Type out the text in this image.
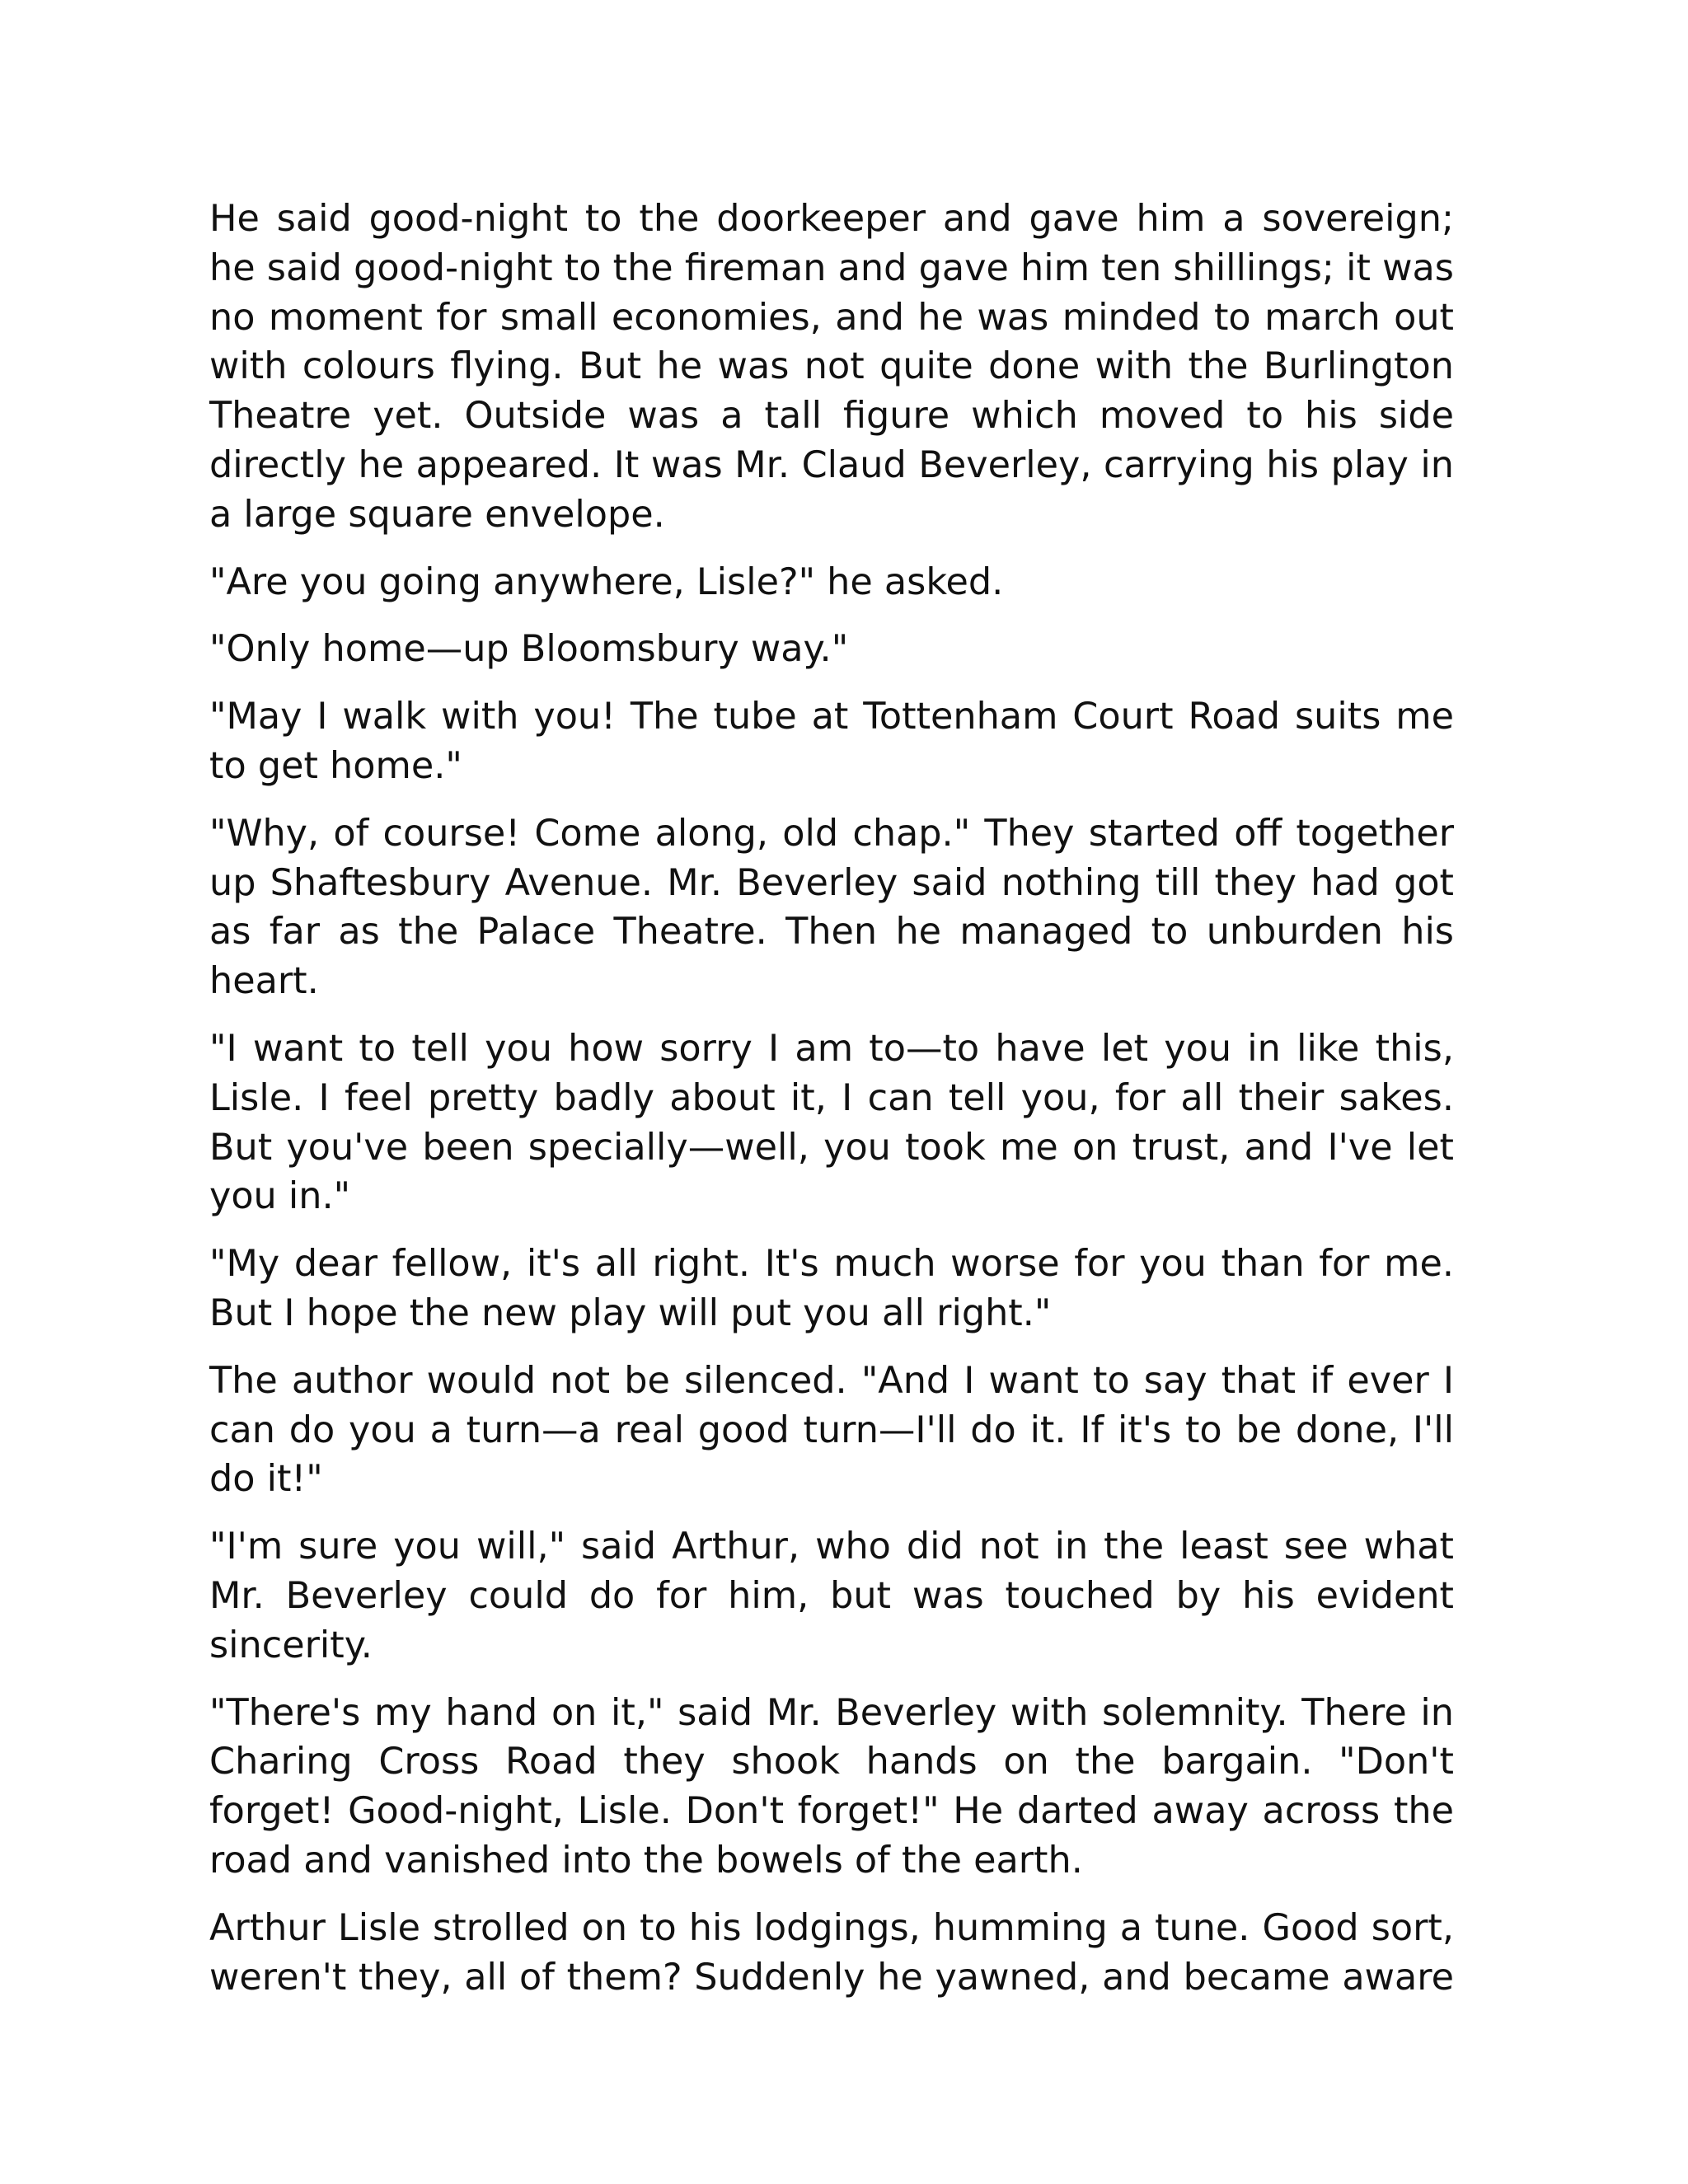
He said good-night to the doorkeeper and gave him a sovereign; he said good-night to the fireman and gave him ten shillings; it was no moment for small economies, and he was minded to march out with colours flying. But he was not quite done with the Burlington Theatre yet. Outside was a tall figure which moved to his side directly he appeared. It was Mr. Claud Beverley, carrying his play in a large square envelope.

"Are you going anywhere, Lisle?" he asked.

"Only home—up Bloomsbury way."

"May I walk with you! The tube at Tottenham Court Road suits me to get home."

"Why, of course! Come along, old chap." They started off together up Shaftesbury Avenue. Mr. Beverley said nothing till they had got as far as the Palace Theatre. Then he managed to unburden his heart.

"I want to tell you how sorry I am to—to have let you in like this, Lisle. I feel pretty badly about it, I can tell you, for all their sakes. But you've been specially—well, you took me on trust, and I've let you in."

"My dear fellow, it's all right. It's much worse for you than for me. But I hope the new play will put you all right."

The author would not be silenced. "And I want to say that if ever I can do you a turn—a real good turn—I'll do it. If it's to be done, I'll do it!"

"I'm sure you will," said Arthur, who did not in the least see what Mr. Beverley could do for him, but was touched by his evident sincerity.

"There's my hand on it," said Mr. Beverley with solemnity. There in Charing Cross Road they shook hands on the bargain. "Don't forget! Good-night, Lisle. Don't forget!" He darted away across the road and vanished into the bowels of the earth.

Arthur Lisle strolled on to his lodgings, humming a tune. Good sort, weren't they, all of them? Suddenly he yawned, and became aware
